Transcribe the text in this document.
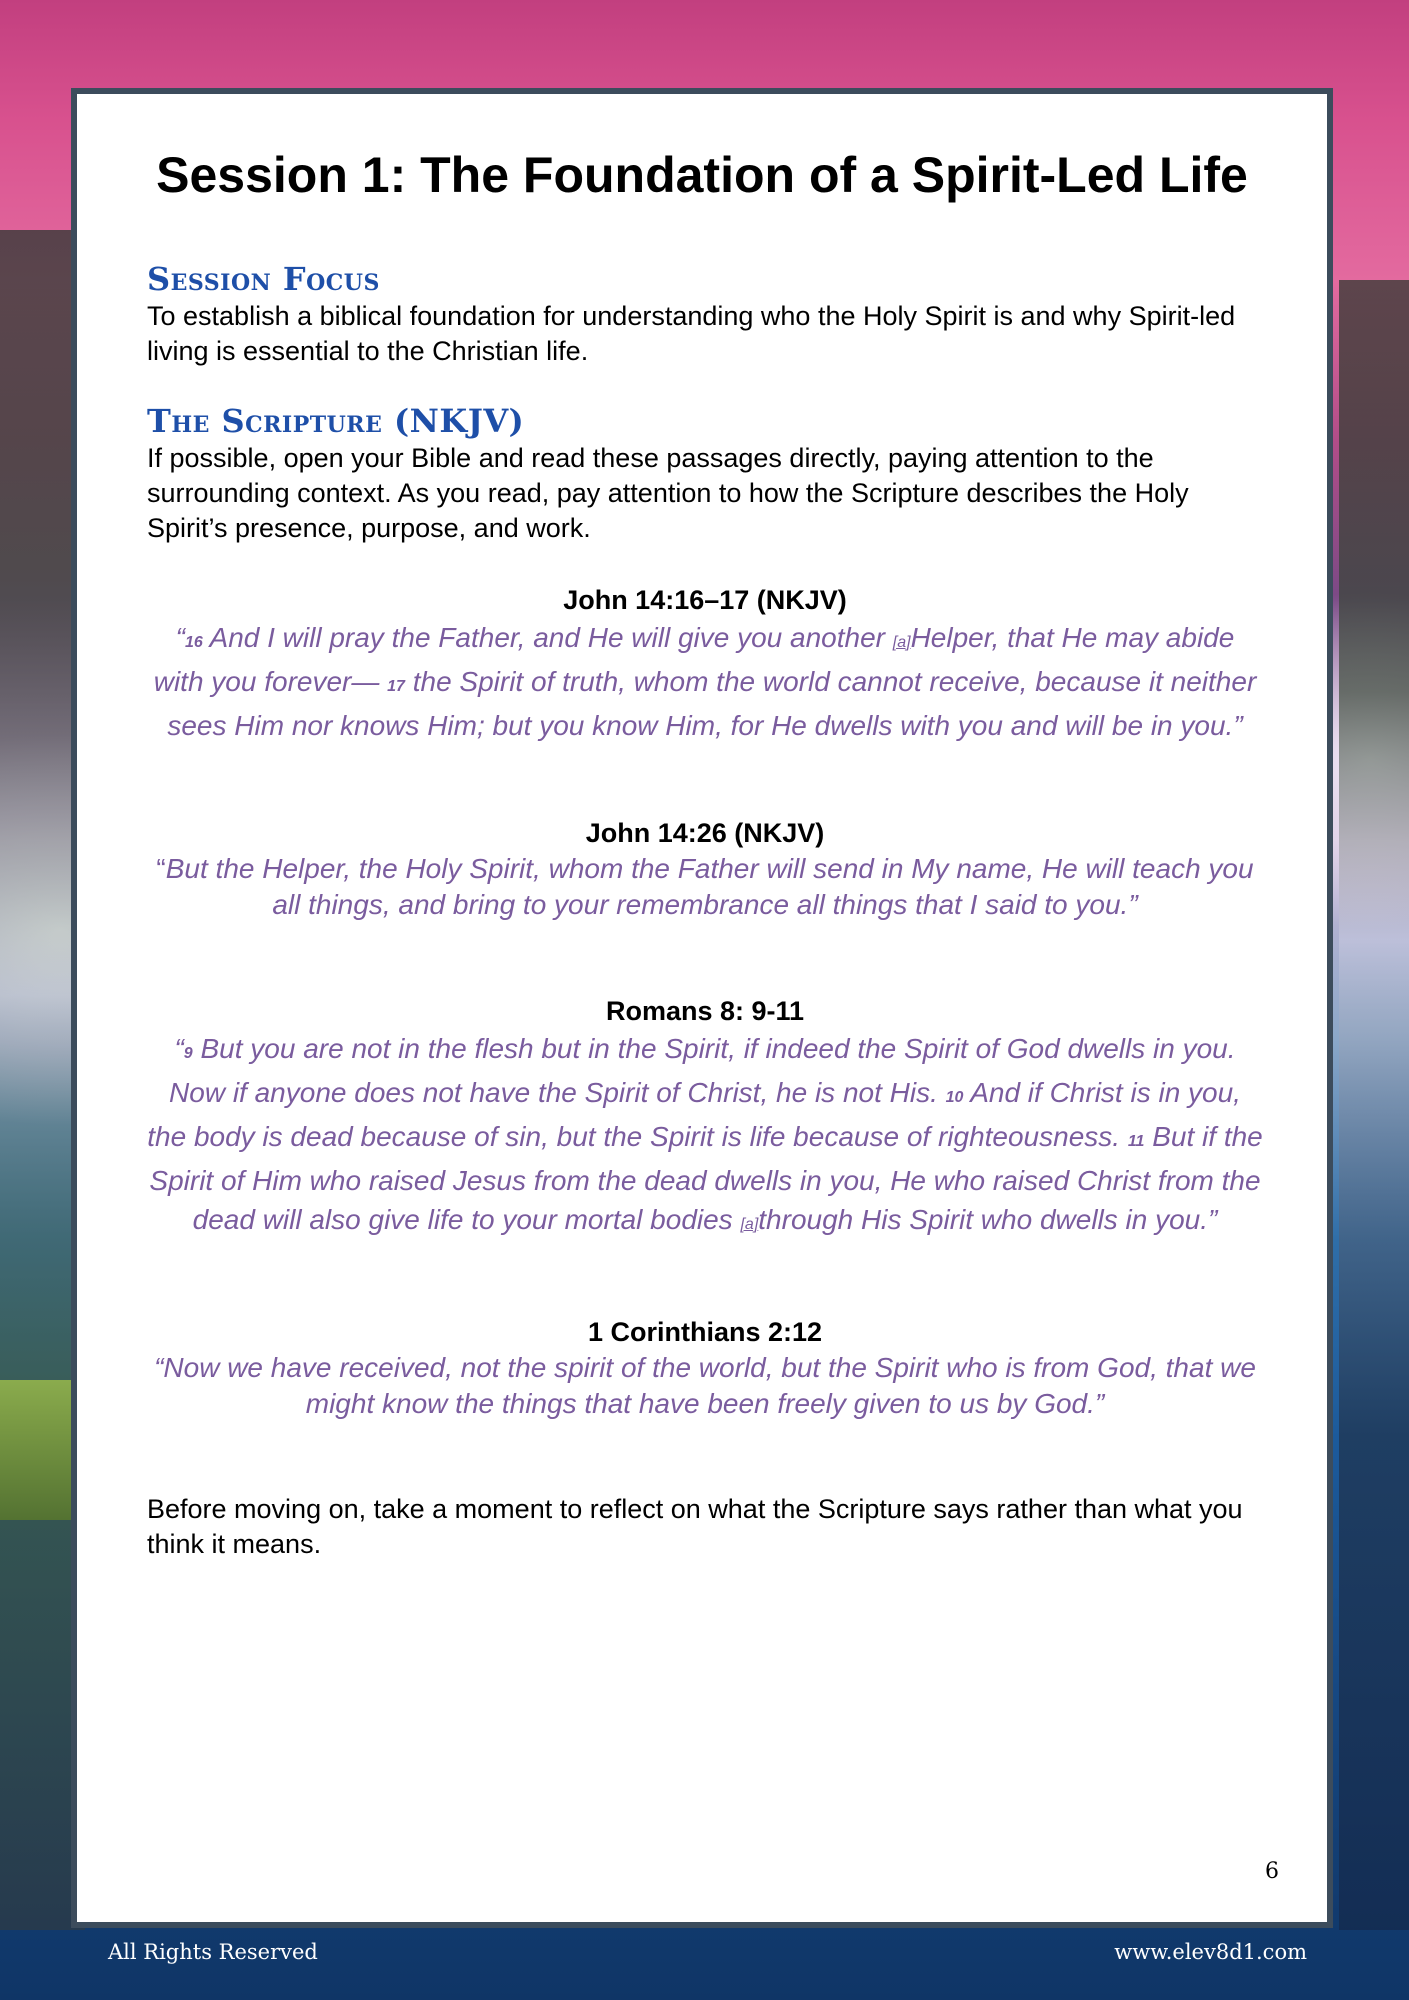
Session 1: The Foundation of a Spirit-Led Life
Session Focus

To establish a biblical foundation for understanding who the Holy Spirit is and why Spirit-led living is essential to the Christian life.

The Scripture (NKJV)

If possible, open your Bible and read these passages directly, paying attention to the surrounding context. As you read, pay attention to how the Scripture describes the Holy Spirit’s presence, purpose, and work.

John 14:16–17 (NKJV)

“16 And I will pray the Father, and He will give you another [a]Helper, that He may abide with you forever— 17 the Spirit of truth, whom the world cannot receive, because it neither sees Him nor knows Him; but you know Him, for He dwells with you and will be in you.”

John 14:26 (NKJV)

“But the Helper, the Holy Spirit, whom the Father will send in My name, He will teach you all things, and bring to your remembrance all things that I said to you.”

Romans 8: 9-11

“9 But you are not in the flesh but in the Spirit, if indeed the Spirit of God dwells in you. Now if anyone does not have the Spirit of Christ, he is not His. 10 And if Christ is in you, the body is dead because of sin, but the Spirit is life because of righteousness. 11 But if the Spirit of Him who raised Jesus from the dead dwells in you, He who raised Christ from the dead will also give life to your mortal bodies [a]through His Spirit who dwells in you.”

1 Corinthians 2:12

“Now we have received, not the spirit of the world, but the Spirit who is from God, that we might know the things that have been freely given to us by God.”

Before moving on, take a moment to reflect on what the Scripture says rather than what you think it means.

6
All Rights Reserved	www.elev8d1.com
